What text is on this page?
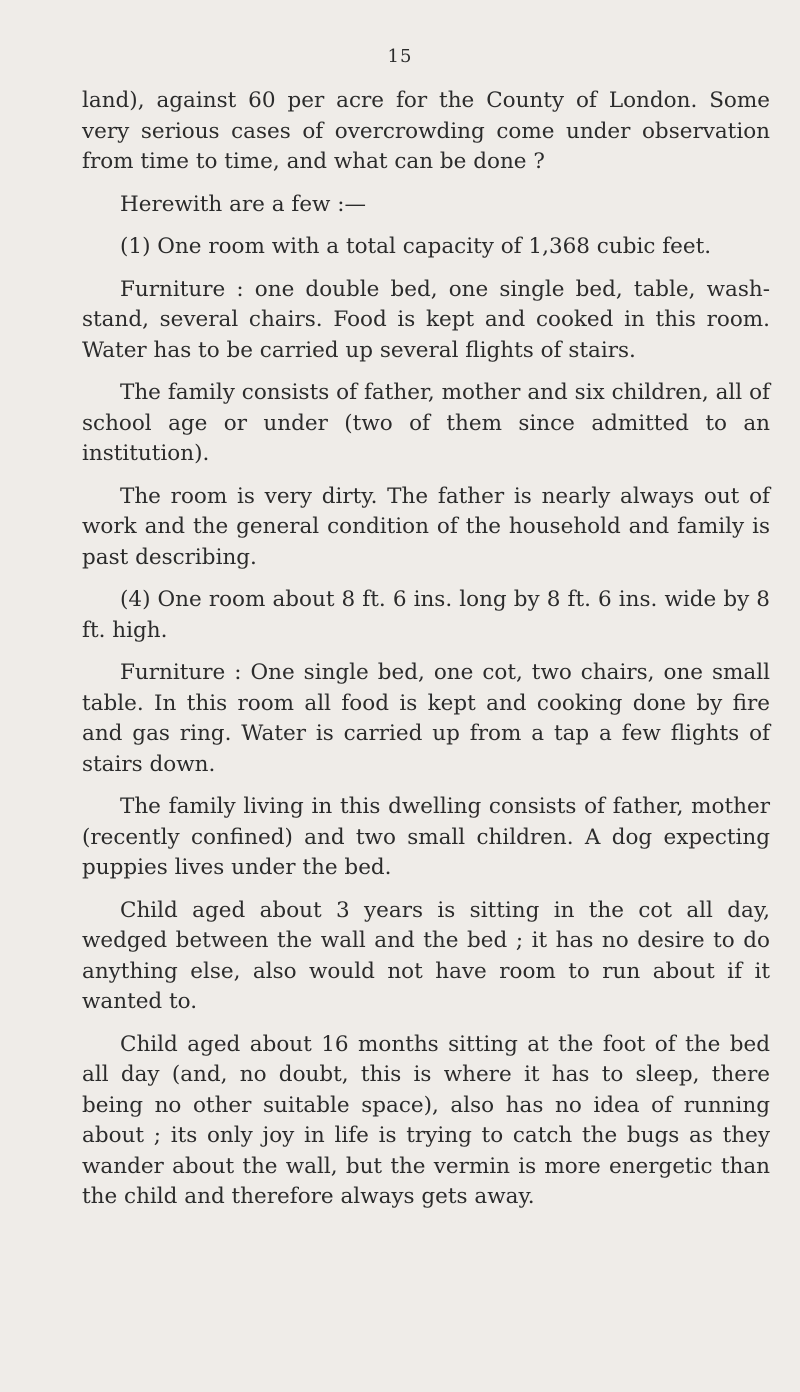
15

land), against 60 per acre for the County of London. Some very serious cases of overcrowding come under observation from time to time, and what can be done ?

Herewith are a few :—

(1) One room with a total capacity of 1,368 cubic feet.

Furniture : one double bed, one single bed, table, wash-stand, several chairs. Food is kept and cooked in this room. Water has to be carried up several flights of stairs.

The family consists of father, mother and six children, all of school age or under (two of them since admitted to an institution).

The room is very dirty. The father is nearly always out of work and the general condition of the household and family is past describing.

(4) One room about 8 ft. 6 ins. long by 8 ft. 6 ins. wide by 8 ft. high.

Furniture : One single bed, one cot, two chairs, one small table. In this room all food is kept and cooking done by fire and gas ring. Water is carried up from a tap a few flights of stairs down.

The family living in this dwelling consists of father, mother (recently confined) and two small children. A dog expecting puppies lives under the bed.

Child aged about 3 years is sitting in the cot all day, wedged between the wall and the bed ; it has no desire to do anything else, also would not have room to run about if it wanted to.

Child aged about 16 months sitting at the foot of the bed all day (and, no doubt, this is where it has to sleep, there being no other suitable space), also has no idea of running about ; its only joy in life is trying to catch the bugs as they wander about the wall, but the vermin is more energetic than the child and therefore always gets away.
